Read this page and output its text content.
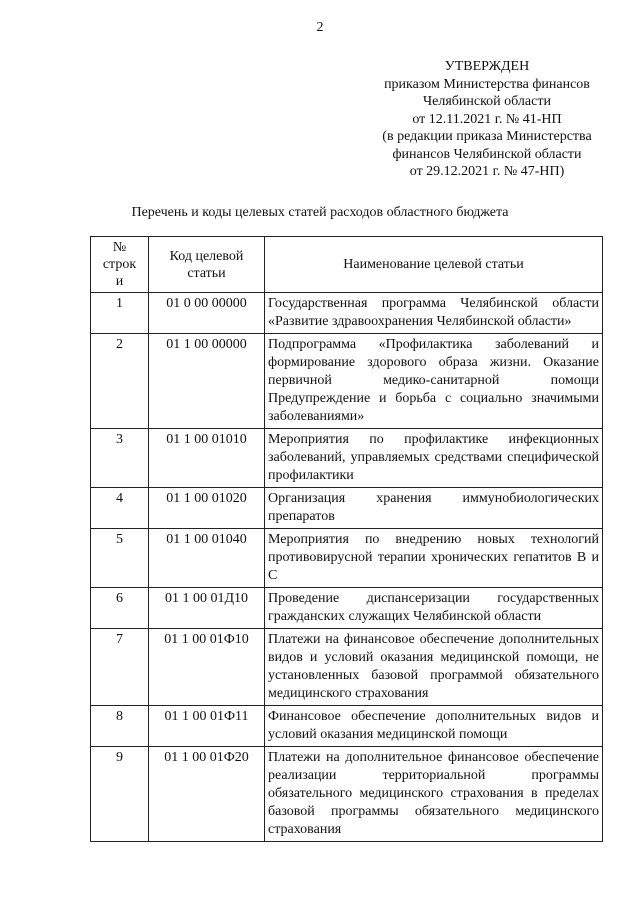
2
УТВЕРЖДЕН
приказом Министерства финансов
Челябинской области
от 12.11.2021 г. № 41-НП
(в редакции приказа Министерства
финансов Челябинской области
от 29.12.2021 г. № 47-НП)
Перечень и коды целевых статей расходов областного бюджета
№
строк
и	Код целевой статьи	Наименование целевой статьи
1	01 0 00 00000	Государственная программа Челябинской области «Развитие здравоохранения Челябинской области»
2	01 1 00 00000	Подпрограмма «Профилактика заболеваний и формирование здорового образа жизни. Оказание первичной медико-санитарной помощи Предупреждение и борьба с социально значимыми заболеваниями»
3	01 1 00 01010	Мероприятия по профилактике инфекционных заболеваний, управляемых средствами специфической профилактики
4	01 1 00 01020	Организация хранения иммунобиологических препаратов
5	01 1 00 01040	Мероприятия по внедрению новых технологий противовирусной терапии хронических гепатитов В и С
6	01 1 00 01Д10	Проведение диспансеризации государственных гражданских служащих Челябинской области
7	01 1 00 01Ф10	Платежи на финансовое обеспечение дополнительных видов и условий оказания медицинской помощи, не установленных базовой программой обязательного медицинского страхования
8	01 1 00 01Ф11	Финансовое обеспечение дополнительных видов и условий оказания медицинской помощи
9	01 1 00 01Ф20	Платежи на дополнительное финансовое обеспечение реализации территориальной программы обязательного медицинского страхования в пределах базовой программы обязательного медицинского страхования
